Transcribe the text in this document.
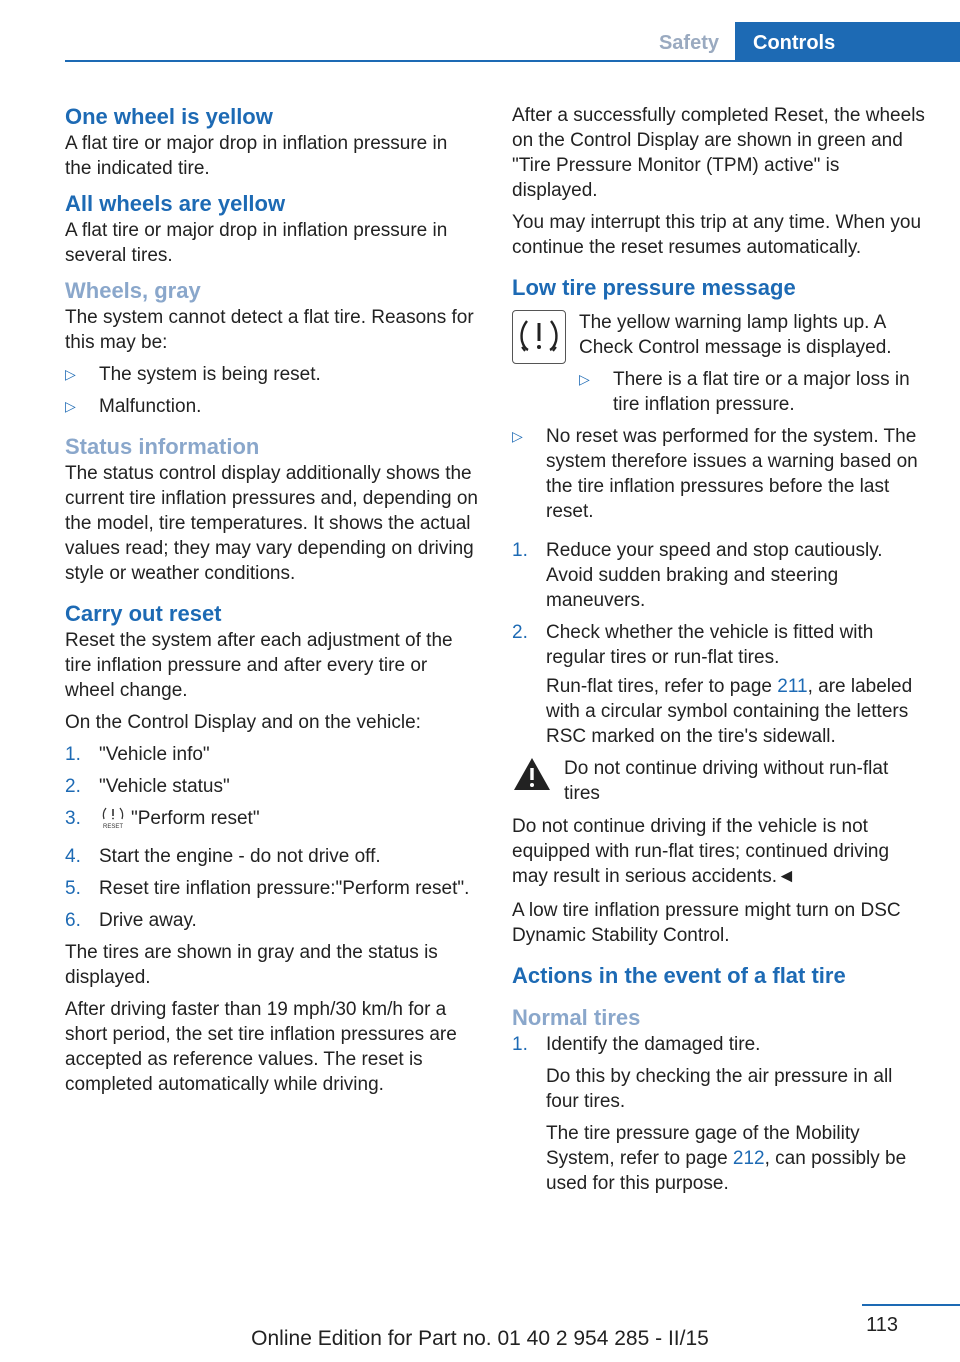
Safety	Controls
One wheel is yellow

A flat tire or major drop in inflation pressure in the indicated tire.

All wheels are yellow

A flat tire or major drop in inflation pressure in several tires.

Wheels, gray

The system cannot detect a flat tire. Reasons for this may be:

▷	The system is being reset.
▷	Malfunction.
Status information

The status control display additionally shows the current tire inflation pressures and, depending on the model, tire temperatures. It shows the actual values read; they may vary depending on driving style or weather conditions.

Carry out reset

Reset the system after each adjustment of the tire inflation pressure and after every tire or wheel change.

On the Control Display and on the vehicle:

1. "Vehicle info"
2. "Vehicle status"
3.	RESET "Perform reset"
4. Start the engine - do not drive off.
5. Reset tire inflation pressure:"Perform reset".
6. Drive away.

The tires are shown in gray and the status is displayed.

After driving faster than 19 mph/30 km/h for a short period, the set tire inflation pressures are accepted as reference values. The reset is completed automatically while driving.

After a successfully completed Reset, the wheels on the Control Display are shown in green and "Tire Pressure Monitor (TPM) active" is displayed.

You may interrupt this trip at any time. When you continue the reset resumes automatically.

Low tire pressure message

The yellow warning lamp lights up. A Check Control message is displayed.

▷	There is a flat tire or a major loss in tire inflation pressure.
▷	No reset was performed for the system. The system therefore issues a warning based on the tire inflation pressures before the last reset.
1. Reduce your speed and stop cautiously. Avoid sudden braking and steering maneuvers.
2. Check whether the vehicle is fitted with regular tires or run-flat tires.

Run-flat tires, refer to page 211, are labeled with a circular symbol containing the letters RSC marked on the tire's sidewall.

Do not continue driving without run-flat tires

Do not continue driving if the vehicle is not equipped with run-flat tires; continued driving may result in serious accidents.◄

A low tire inflation pressure might turn on DSC Dynamic Stability Control.

Actions in the event of a flat tire
Normal tires
1. Identify the damaged tire.

Do this by checking the air pressure in all four tires.

The tire pressure gage of the Mobility System, refer to page 212, can possibly be used for this purpose.

113
Online Edition for Part no. 01 40 2 954 285 - II/15
